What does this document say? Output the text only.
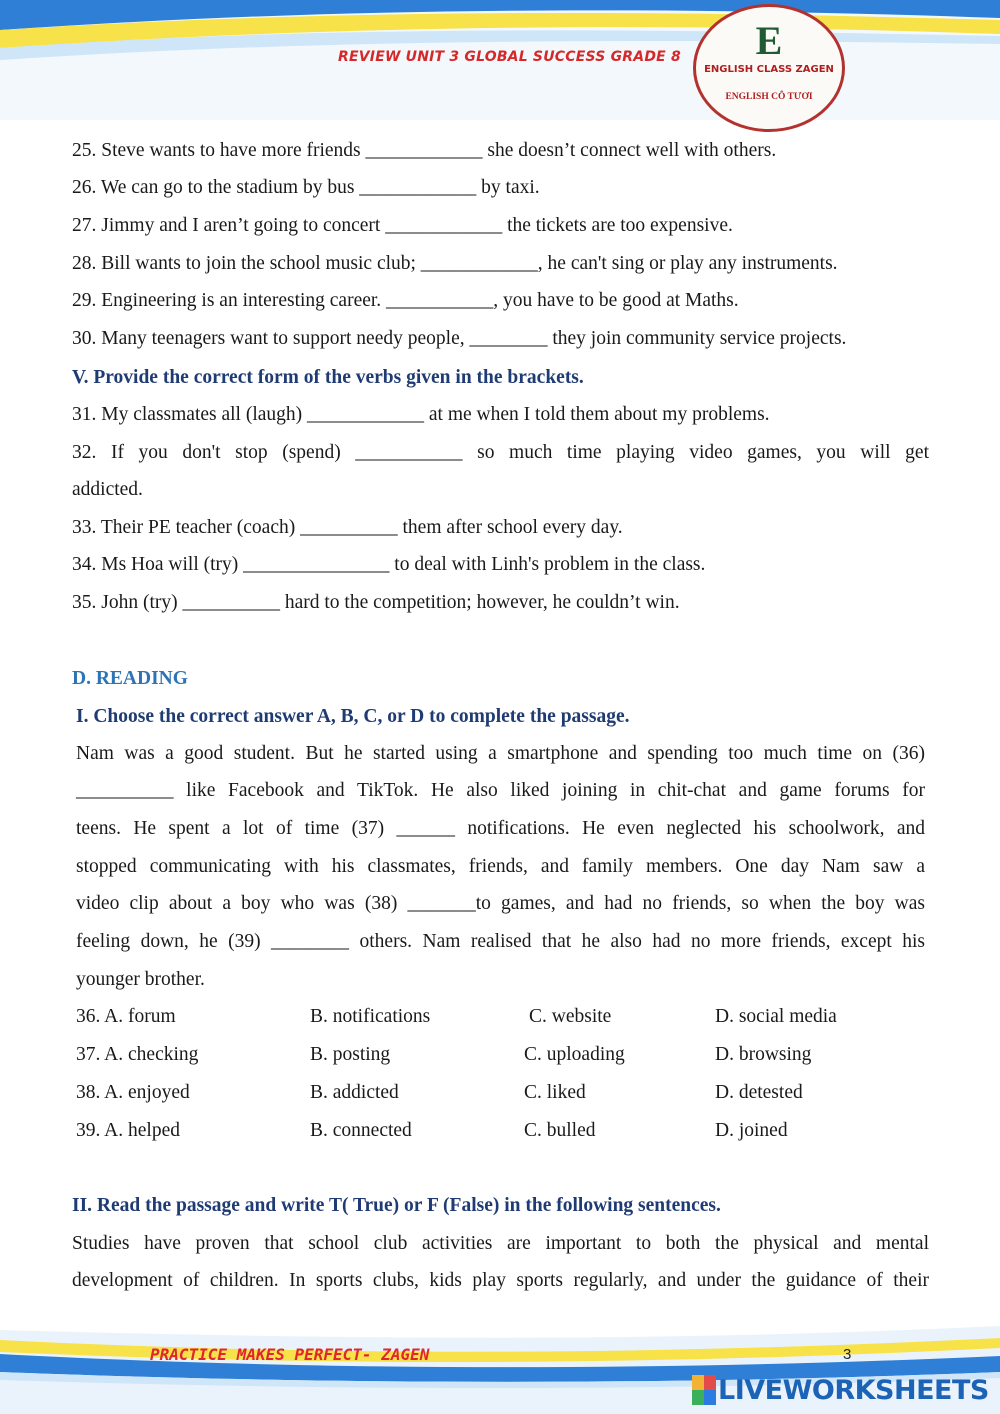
REVIEW UNIT 3 GLOBAL SUCCESS GRADE 8	E
ENGLISH CLASS ZAGEN
ENGLISH CÔ TƯƠI
25. Steve wants to have more friends ____________ she doesn’t connect well with others.
26. We can go to the stadium by bus ____________ by taxi.
27. Jimmy and I aren’t going to concert ____________ the tickets are too expensive.
28. Bill wants to join the school music club; ____________, he can't sing or play any instruments.
29. Engineering is an interesting career. ___________, you have to be good at Maths.
30. Many teenagers want to support needy people, ________ they join community service projects.
V. Provide the correct form of the verbs given in the brackets.
31. My classmates all (laugh) ____________ at me when I told them about my problems.
32. If you don't stop (spend) ___________ so much time playing video games, you will get
addicted.
33. Their PE teacher (coach) __________ them after school every day.
34. Ms Hoa will (try) _______________ to deal with Linh's problem in the class.
35. John (try) __________ hard to the competition; however, he couldn’t win.
D. READING
I. Choose the correct answer A, B, C, or D to complete the passage.
Nam was a good student. But he started using a smartphone and spending too much time on (36)
__________ like Facebook and TikTok. He also liked joining in chit-chat and game forums for
teens. He spent a lot of time (37) ______ notifications. He even neglected his schoolwork, and
stopped communicating with his classmates, friends, and family members. One day Nam saw a
video clip about a boy who was (38) _______to games, and had no friends, so when the boy was
feeling down, he (39) ________ others. Nam realised that he also had no more friends, except his
younger brother.
36. A. forum	B. notifications	C. website	D. social media
37. A. checking	B. posting	C. uploading	D. browsing
38. A. enjoyed	B. addicted	C. liked	D. detested
39. A. helped	B. connected	C. bulled	D. joined
II. Read the passage and write T( True) or F (False) in the following sentences.
Studies have proven that school club activities are important to both the physical and mental
development of children. In sports clubs, kids play sports regularly, and under the guidance of their
PRACTICE MAKES PERFECT- ZAGEN	3
LIVEWORKSHEETS
